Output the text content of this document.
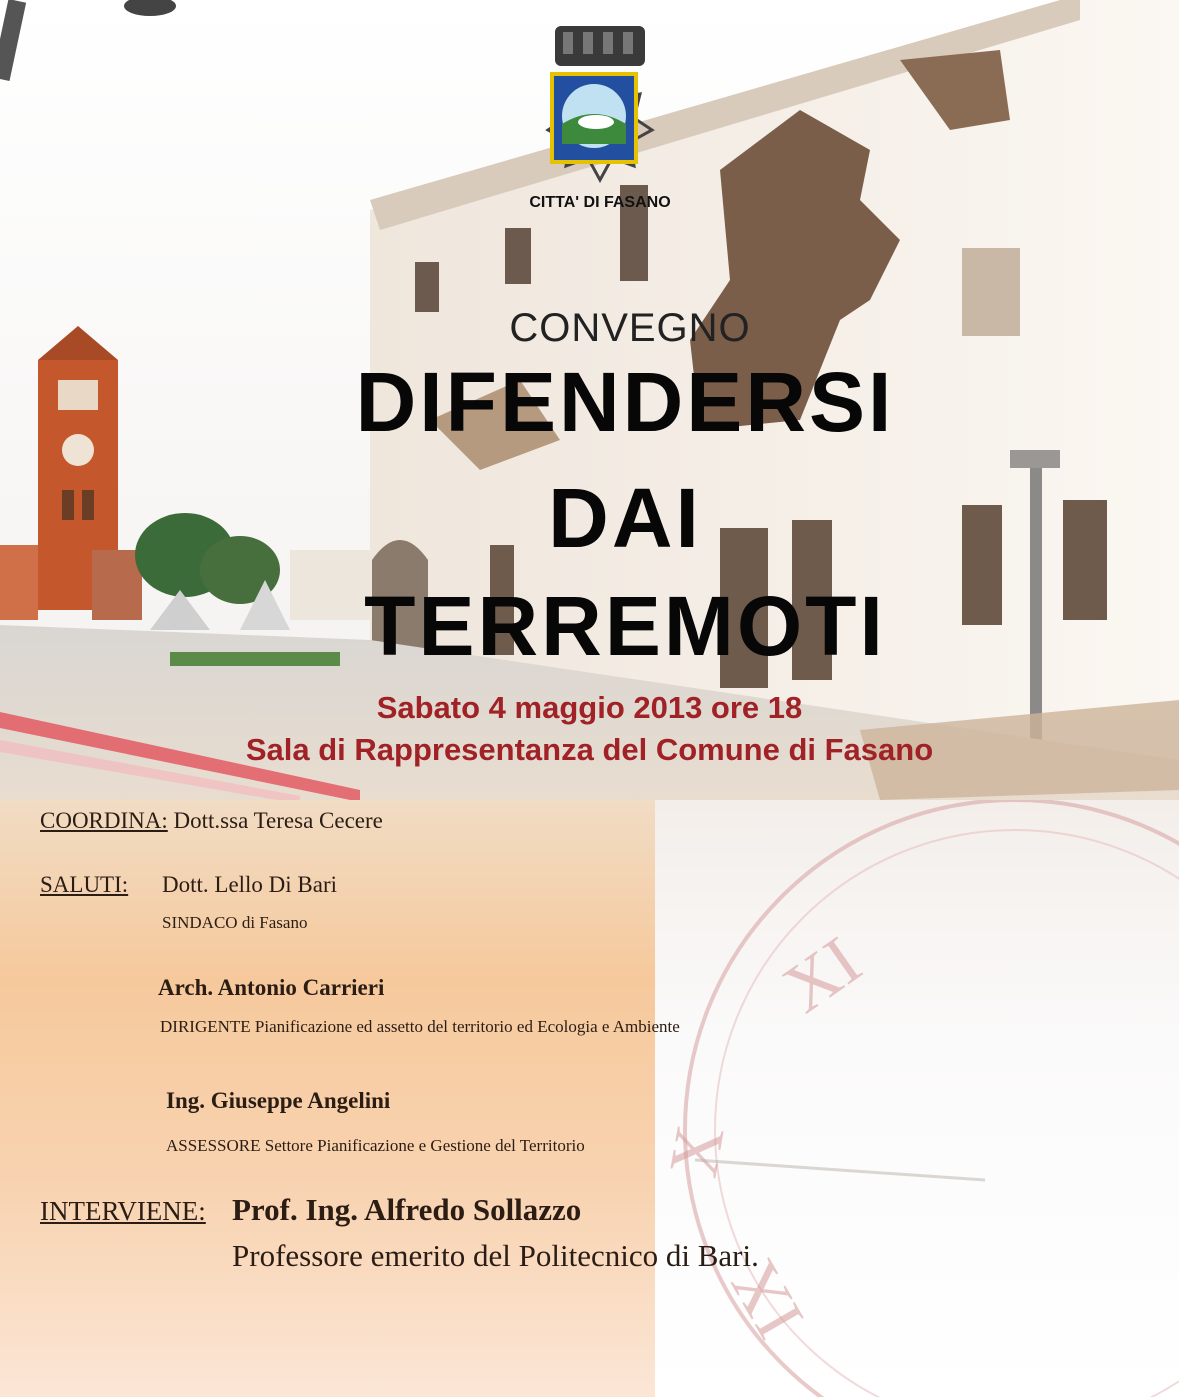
XI
X
IX
CITTA' DI FASANO
CONVEGNO
DIFENDERSI
DAI
TERREMOTI
Sabato 4 maggio 2013 ore 18
Sala di Rappresentanza del Comune di Fasano
COORDINA: Dott.ssa Teresa Cecere
SALUTI: Dott. Lello Di Bari
SINDACO di Fasano
Arch. Antonio Carrieri
DIRIGENTE Pianificazione ed assetto del territorio ed Ecologia e Ambiente
Ing. Giuseppe Angelini
ASSESSORE Settore Pianificazione e Gestione del Territorio
INTERVIENE: Prof. Ing. Alfredo Sollazzo
Professore emerito del Politecnico di Bari.
